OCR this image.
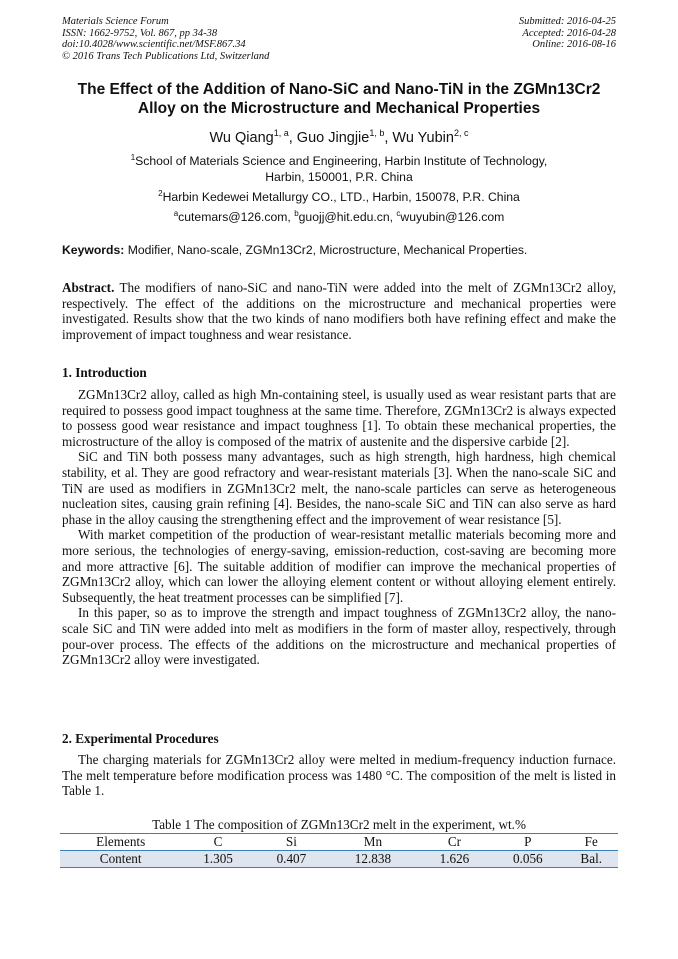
Materials Science Forum
ISSN: 1662-9752, Vol. 867, pp 34-38
doi:10.4028/www.scientific.net/MSF.867.34
© 2016 Trans Tech Publications Ltd, Switzerland
Submitted: 2016-04-25
Accepted: 2016-04-28
Online: 2016-08-16
The Effect of the Addition of Nano-SiC and Nano-TiN in the ZGMn13Cr2
Alloy on the Microstructure and Mechanical Properties
Wu Qiang$^{1, a}$, Guo Jingjie$^{1, b}$, Wu Yubin$^{2, c}$
$^1$School of Materials Science and Engineering, Harbin Institute of Technology,
Harbin, 150001, P.R. China
$^2$Harbin Kedewei Metallurgy CO., LTD., Harbin, 150078, P.R. China
$^a$cutemars@126.com, $^b$guojj@hit.edu.cn, $^c$wuyubin@126.com
Keywords: Modifier, Nano-scale, ZGMn13Cr2, Microstructure, Mechanical Properties.
Abstract. The modifiers of nano-SiC and nano-TiN were added into the melt of ZGMn13Cr2 alloy, respectively. The effect of the additions on the microstructure and mechanical properties were investigated. Results show that the two kinds of nano modifiers both have refining effect and make the improvement of impact toughness and wear resistance.
1. Introduction

ZGMn13Cr2 alloy, called as high Mn-containing steel, is usually used as wear resistant parts that are required to possess good impact toughness at the same time. Therefore, ZGMn13Cr2 is always expected to possess good wear resistance and impact toughness [1]. To obtain these mechanical properties, the microstructure of the alloy is composed of the matrix of austenite and the dispersive carbide [2].

SiC and TiN both possess many advantages, such as high strength, high hardness, high chemical stability, et al. They are good refractory and wear-resistant materials [3]. When the nano-scale SiC and TiN are used as modifiers in ZGMn13Cr2 melt, the nano-scale particles can serve as heterogeneous nucleation sites, causing grain refining [4]. Besides, the nano-scale SiC and TiN can also serve as hard phase in the alloy causing the strengthening effect and the improvement of wear resistance [5].

With market competition of the production of wear-resistant metallic materials becoming more and more serious, the technologies of energy-saving, emission-reduction, cost-saving are becoming more and more attractive [6]. The suitable addition of modifier can improve the mechanical properties of ZGMn13Cr2 alloy, which can lower the alloying element content or without alloying element entirely. Subsequently, the heat treatment processes can be simplified [7].

In this paper, so as to improve the strength and impact toughness of ZGMn13Cr2 alloy, the nano-scale SiC and TiN were added into melt as modifiers in the form of master alloy, respectively, through pour-over process. The effects of the additions on the microstructure and mechanical properties of ZGMn13Cr2 alloy were investigated.

2. Experimental Procedures

The charging materials for ZGMn13Cr2 alloy were melted in medium-frequency induction furnace. The melt temperature before modification process was 1480 °C. The composition of the melt is listed in Table 1.

Table 1 The composition of ZGMn13Cr2 melt in the experiment, wt.%
Elements	C	Si	Mn	Cr	P	Fe
Content	1.305	0.407	12.838	1.626	0.056	Bal.
